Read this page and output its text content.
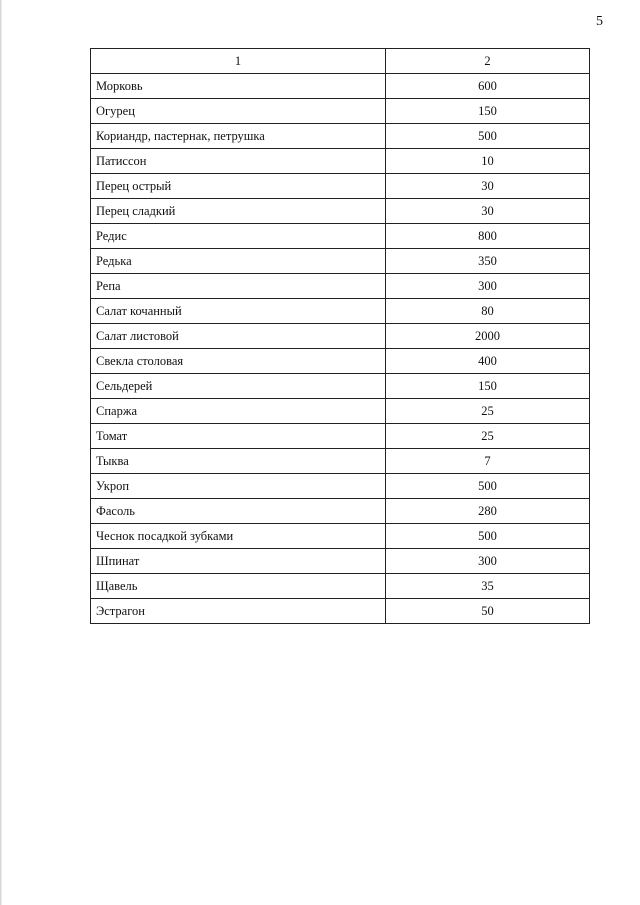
5
1	2
Морковь	600
Огурец	150
Кориандр, пастернак, петрушка	500
Патиссон	10
Перец острый	30
Перец сладкий	30
Редис	800
Редька	350
Репа	300
Салат кочанный	80
Салат листовой	2000
Свекла столовая	400
Сельдерей	150
Спаржа	25
Томат	25
Тыква	7
Укроп	500
Фасоль	280
Чеснок посадкой зубками	500
Шпинат	300
Щавель	35
Эстрагон	50
